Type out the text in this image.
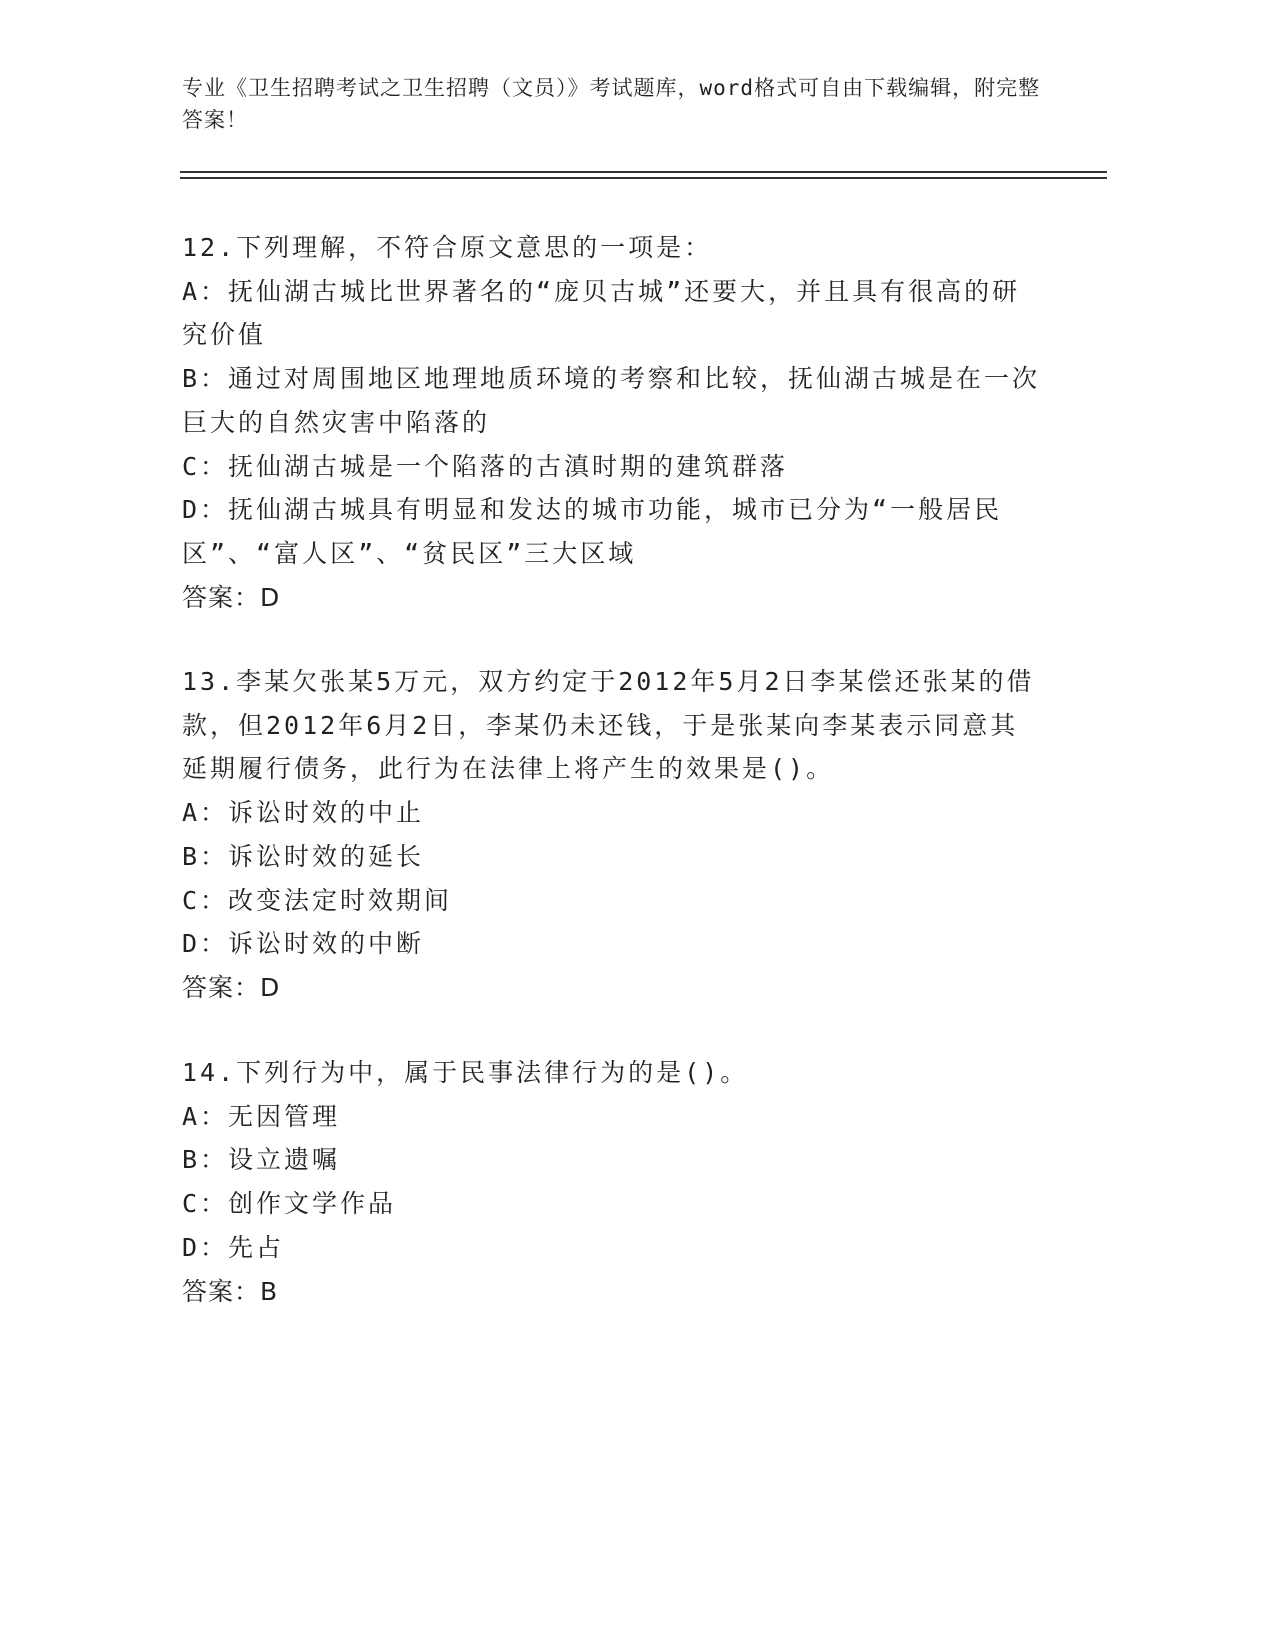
专业《卫生招聘考试之卫生招聘（文员）》考试题库，word格式可自由下载编辑，附完整答案！
12.下列理解，不符合原文意思的一项是：
A：抚仙湖古城比世界著名的“庞贝古城”还要大，并且具有很高的研究价值
B：通过对周围地区地理地质环境的考察和比较，抚仙湖古城是在一次巨大的自然灾害中陷落的
C：抚仙湖古城是一个陷落的古滇时期的建筑群落
D：抚仙湖古城具有明显和发达的城市功能，城市已分为“一般居民区”、“富人区”、“贫民区”三大区域
答案：D
13.李某欠张某5万元，双方约定于2012年5月2日李某偿还张某的借款，但2012年6月2日，李某仍未还钱，于是张某向李某表示同意其延期履行债务，此行为在法律上将产生的效果是()。
A：诉讼时效的中止
B：诉讼时效的延长
C：改变法定时效期间
D：诉讼时效的中断
答案：D
14.下列行为中，属于民事法律行为的是()。
A：无因管理
B：设立遗嘱
C：创作文学作品
D：先占
答案：B
